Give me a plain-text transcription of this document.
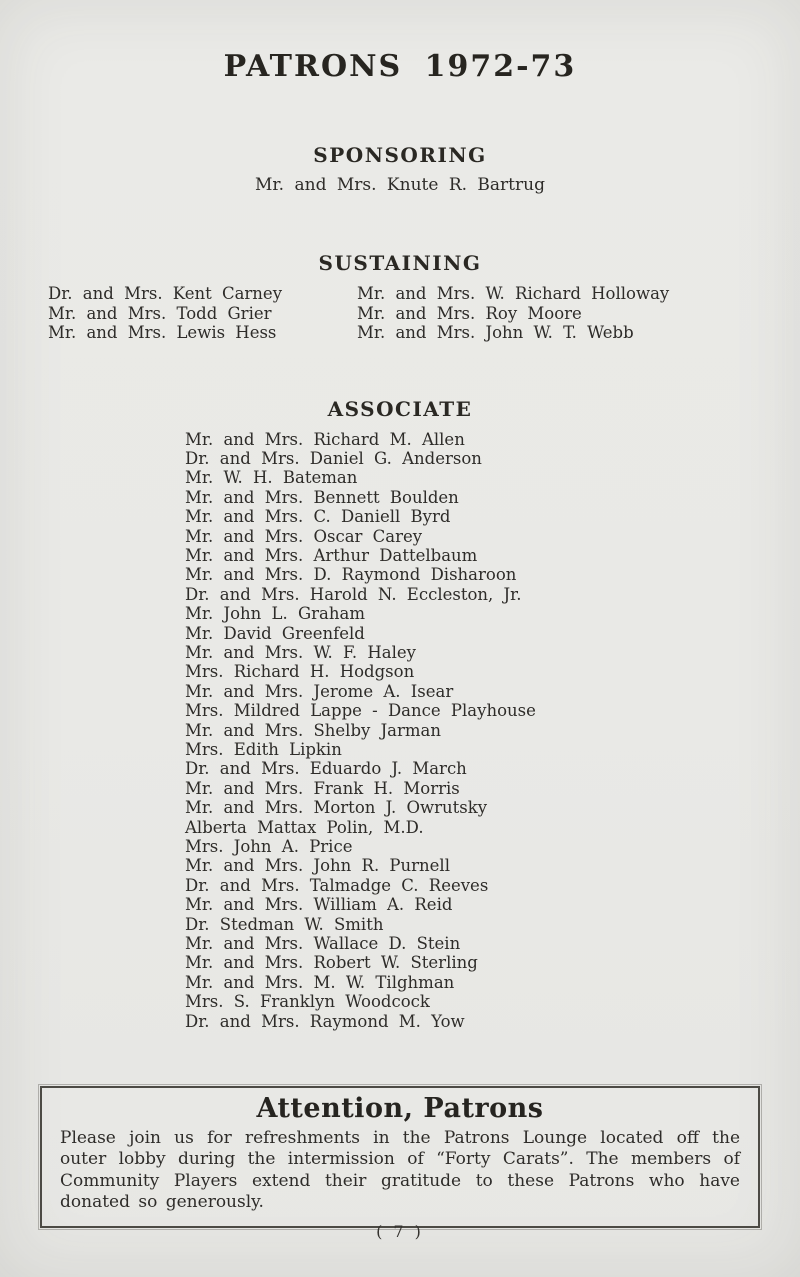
PATRONS 1972-73
SPONSORING
Mr. and Mrs. Knute R. Bartrug
SUSTAINING
Dr. and Mrs. Kent Carney
Mr. and Mrs. Todd Grier
Mr. and Mrs. Lewis Hess
Mr. and Mrs. W. Richard Holloway
Mr. and Mrs. Roy Moore
Mr. and Mrs. John W. T. Webb
ASSOCIATE
Mr. and Mrs. Richard M. Allen
Dr. and Mrs. Daniel G. Anderson
Mr. W. H. Bateman
Mr. and Mrs. Bennett Boulden
Mr. and Mrs. C. Daniell Byrd
Mr. and Mrs. Oscar Carey
Mr. and Mrs. Arthur Dattelbaum
Mr. and Mrs. D. Raymond Disharoon
Dr. and Mrs. Harold N. Eccleston, Jr.
Mr. John L. Graham
Mr. David Greenfeld
Mr. and Mrs. W. F. Haley
Mrs. Richard H. Hodgson
Mr. and Mrs. Jerome A. Isear
Mrs. Mildred Lappe - Dance Playhouse
Mr. and Mrs. Shelby Jarman
Mrs. Edith Lipkin
Dr. and Mrs. Eduardo J. March
Mr. and Mrs. Frank H. Morris
Mr. and Mrs. Morton J. Owrutsky
Alberta Mattax Polin, M.D.
Mrs. John A. Price
Mr. and Mrs. John R. Purnell
Dr. and Mrs. Talmadge C. Reeves
Mr. and Mrs. William A. Reid
Dr. Stedman W. Smith
Mr. and Mrs. Wallace D. Stein
Mr. and Mrs. Robert W. Sterling
Mr. and Mrs. M. W. Tilghman
Mrs. S. Franklyn Woodcock
Dr. and Mrs. Raymond M. Yow
Attention, Patrons

Please join us for refreshments in the Patrons Lounge located off the outer lobby during the intermission of “Forty Carats”. The members of Community Players extend their gratitude to these Patrons who have donated so generously.

( 7 )
